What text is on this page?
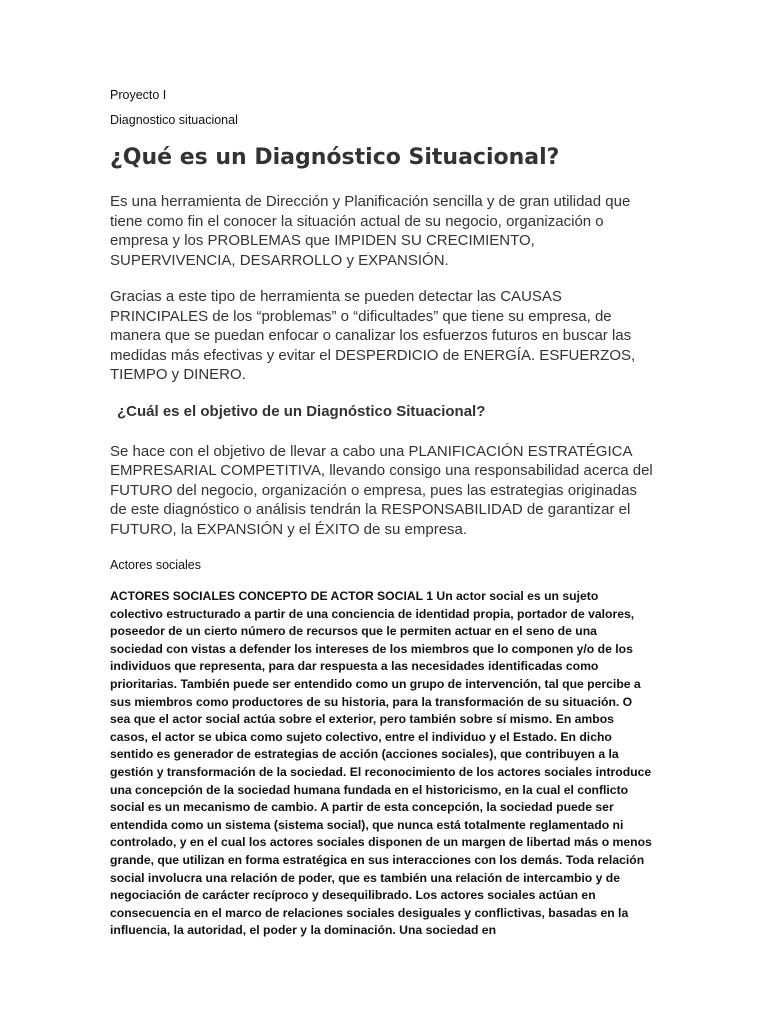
Proyecto I
Diagnostico situacional
¿Qué es un Diagnóstico Situacional?

Es una herramienta de Dirección y Planificación sencilla y de gran utilidad que tiene como fin el conocer la situación actual de su negocio, organización o empresa y los PROBLEMAS que IMPIDEN SU CRECIMIENTO, SUPERVIVENCIA, DESARROLLO y EXPANSIÓN.

Gracias a este tipo de herramienta se pueden detectar las CAUSAS PRINCIPALES de los “problemas” o “dificultades” que tiene su empresa, de manera que se puedan enfocar o canalizar los esfuerzos futuros en buscar las medidas más efectivas y evitar el DESPERDICIO de ENERGÍA. ESFUERZOS, TIEMPO y DINERO.

¿Cuál es el objetivo de un Diagnóstico Situacional?

Se hace con el objetivo de llevar a cabo una PLANIFICACIÓN ESTRATÉGICA EMPRESARIAL COMPETITIVA, llevando consigo una responsabilidad acerca del FUTURO del negocio, organización o empresa, pues las estrategias originadas de este diagnóstico o análisis tendrán la RESPONSABILIDAD de garantizar el FUTURO, la EXPANSIÓN y el ÉXITO de su empresa.

Actores sociales

ACTORES SOCIALES CONCEPTO DE ACTOR SOCIAL 1 Un actor social es un sujeto colectivo estructurado a partir de una conciencia de identidad propia, portador de valores, poseedor de un cierto número de recursos que le permiten actuar en el seno de una sociedad con vistas a defender los intereses de los miembros que lo componen y/o de los individuos que representa, para dar respuesta a las necesidades identificadas como prioritarias. También puede ser entendido como un grupo de intervención, tal que percibe a sus miembros como productores de su historia, para la transformación de su situación. O sea que el actor social actúa sobre el exterior, pero también sobre sí mismo. En ambos casos, el actor se ubica como sujeto colectivo, entre el individuo y el Estado. En dicho sentido es generador de estrategias de acción (acciones sociales), que contribuyen a la gestión y transformación de la sociedad. El reconocimiento de los actores sociales introduce una concepción de la sociedad humana fundada en el historicismo, en la cual el conflicto social es un mecanismo de cambio. A partir de esta concepción, la sociedad puede ser entendida como un sistema (sistema social), que nunca está totalmente reglamentado ni controlado, y en el cual los actores sociales disponen de un margen de libertad más o menos grande, que utilizan en forma estratégica en sus interacciones con los demás. Toda relación social involucra una relación de poder, que es también una relación de intercambio y de negociación de carácter recíproco y desequilibrado. Los actores sociales actúan en consecuencia en el marco de relaciones sociales desiguales y conflictivas, basadas en la influencia, la autoridad, el poder y la dominación. Una sociedad en
